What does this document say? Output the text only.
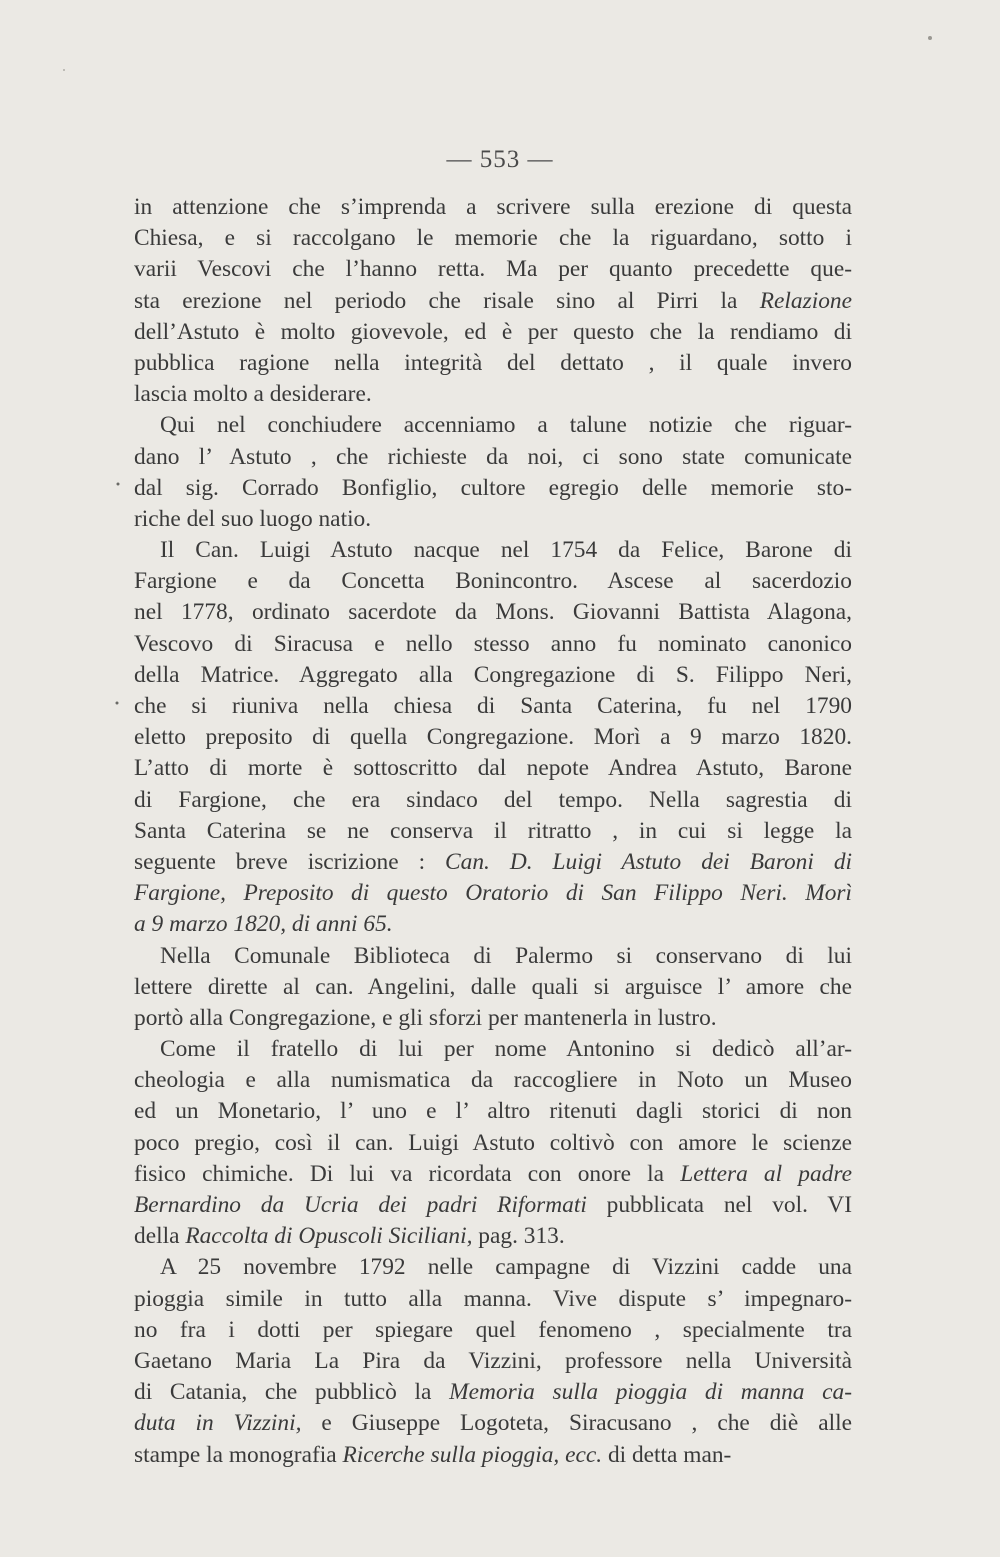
— 553 —
in attenzione che s’imprenda a scrivere sulla erezione di questa
Chiesa, e si raccolgano le memorie che la riguardano, sotto i
varii Vescovi che l’hanno retta. Ma per quanto precedette que-
sta erezione nel periodo che risale sino al Pirri la Relazione
dell’Astuto è molto giovevole, ed è per questo che la rendiamo di
pubblica ragione nella integrità del dettato , il quale invero
lascia molto a desiderare.
Qui nel conchiudere accenniamo a talune notizie che riguar-
dano l’ Astuto , che richieste da noi, ci sono state comunicate
dal sig. Corrado Bonfiglio, cultore egregio delle memorie sto-
riche del suo luogo natio.
Il Can. Luigi Astuto nacque nel 1754 da Felice, Barone di
Fargione e da Concetta Bonincontro. Ascese al sacerdozio
nel 1778, ordinato sacerdote da Mons. Giovanni Battista Alagona,
Vescovo di Siracusa e nello stesso anno fu nominato canonico
della Matrice. Aggregato alla Congregazione di S. Filippo Neri,
che si riuniva nella chiesa di Santa Caterina, fu nel 1790
eletto preposito di quella Congregazione. Morì a 9 marzo 1820.
L’atto di morte è sottoscritto dal nepote Andrea Astuto, Barone
di Fargione, che era sindaco del tempo. Nella sagrestia di
Santa Caterina se ne conserva il ritratto , in cui si legge la
seguente breve iscrizione : Can. D. Luigi Astuto dei Baroni di
Fargione, Preposito di questo Oratorio di San Filippo Neri. Morì
a 9 marzo 1820, di anni 65.
Nella Comunale Biblioteca di Palermo si conservano di lui
lettere dirette al can. Angelini, dalle quali si arguisce l’ amore che
portò alla Congregazione, e gli sforzi per mantenerla in lustro.
Come il fratello di lui per nome Antonino si dedicò all’ar-
cheologia e alla numismatica da raccogliere in Noto un Museo
ed un Monetario, l’ uno e l’ altro ritenuti dagli storici di non
poco pregio, così il can. Luigi Astuto coltivò con amore le scienze
fisico chimiche. Di lui va ricordata con onore la Lettera al padre
Bernardino da Ucria dei padri Riformati pubblicata nel vol. VI
della Raccolta di Opuscoli Siciliani, pag. 313.
A 25 novembre 1792 nelle campagne di Vizzini cadde una
pioggia simile in tutto alla manna. Vive dispute s’ impegnaro-
no fra i dotti per spiegare quel fenomeno , specialmente tra
Gaetano Maria La Pira da Vizzini, professore nella Università
di Catania, che pubblicò la Memoria sulla pioggia di manna ca-
duta in Vizzini, e Giuseppe Logoteta, Siracusano , che diè alle
stampe la monografia Ricerche sulla pioggia, ecc. di detta man-
